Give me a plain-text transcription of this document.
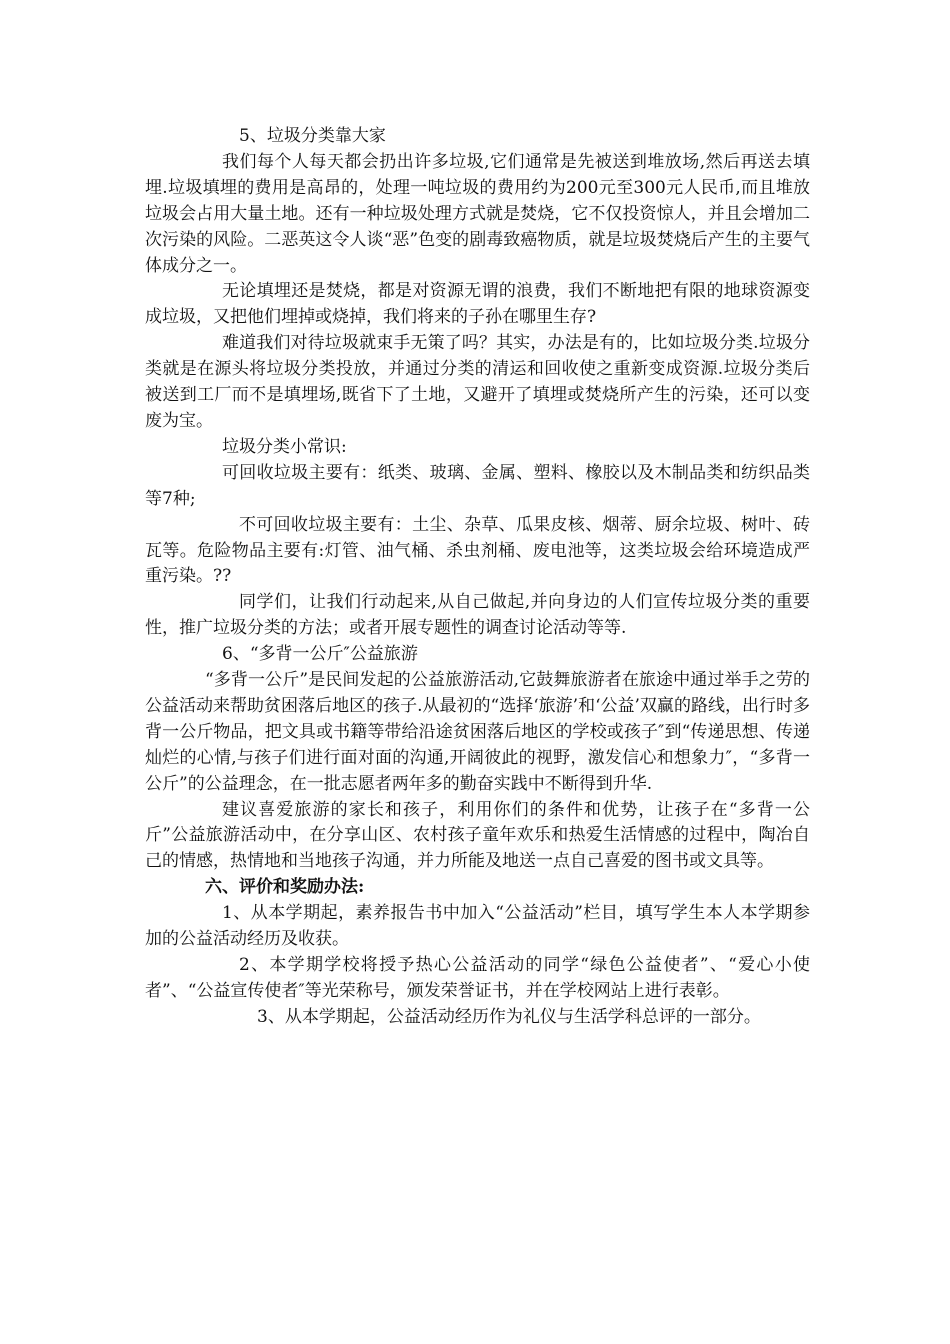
5、垃圾分类靠大家

我们每个人每天都会扔出许多垃圾,它们通常是先被送到堆放场,然后再送去填埋.垃圾填埋的费用是高昂的，处理一吨垃圾的费用约为200元至300元人民币,而且堆放垃圾会占用大量土地。还有一种垃圾处理方式就是焚烧，它不仅投资惊人，并且会增加二次污染的风险。二恶英这令人谈“恶”色变的剧毒致癌物质，就是垃圾焚烧后产生的主要气体成分之一。

无论填埋还是焚烧，都是对资源无谓的浪费，我们不断地把有限的地球资源变成垃圾，又把他们埋掉或烧掉，我们将来的子孙在哪里生存?

难道我们对待垃圾就束手无策了吗？其实，办法是有的，比如垃圾分类.垃圾分类就是在源头将垃圾分类投放，并通过分类的清运和回收使之重新变成资源.垃圾分类后被送到工厂而不是填埋场,既省下了土地，又避开了填埋或焚烧所产生的污染，还可以变废为宝。

垃圾分类小常识:

可回收垃圾主要有：纸类、玻璃、金属、塑料、橡胶以及木制品类和纺织品类等7种;

不可回收垃圾主要有：土尘、杂草、瓜果皮核、烟蒂、厨余垃圾、树叶、砖瓦等。危险物品主要有:灯管、油气桶、杀虫剂桶、废电池等，这类垃圾会给环境造成严重污染。??

同学们，让我们行动起来,从自己做起,并向身边的人们宣传垃圾分类的重要性，推广垃圾分类的方法；或者开展专题性的调查讨论活动等等.

6、“多背一公斤″公益旅游

“多背一公斤”是民间发起的公益旅游活动,它鼓舞旅游者在旅途中通过举手之劳的公益活动来帮助贫困落后地区的孩子.从最初的“选择‘旅游’和‘公益’双赢的路线，出行时多背一公斤物品，把文具或书籍等带给沿途贫困落后地区的学校或孩子″到“传递思想、传递灿烂的心情,与孩子们进行面对面的沟通,开阔彼此的视野，激发信心和想象力″，“多背一公斤”的公益理念，在一批志愿者两年多的勤奋实践中不断得到升华.

建议喜爱旅游的家长和孩子，利用你们的条件和优势，让孩子在“多背一公斤”公益旅游活动中，在分享山区、农村孩子童年欢乐和热爱生活情感的过程中，陶冶自己的情感，热情地和当地孩子沟通，并力所能及地送一点自己喜爱的图书或文具等。

六、评价和奖励办法:

1、从本学期起，素养报告书中加入“公益活动”栏目，填写学生本人本学期参加的公益活动经历及收获。

2、本学期学校将授予热心公益活动的同学“绿色公益使者”、“爱心小使者”、“公益宣传使者″等光荣称号，颁发荣誉证书，并在学校网站上进行表彰。

3、从本学期起，公益活动经历作为礼仪与生活学科总评的一部分。
